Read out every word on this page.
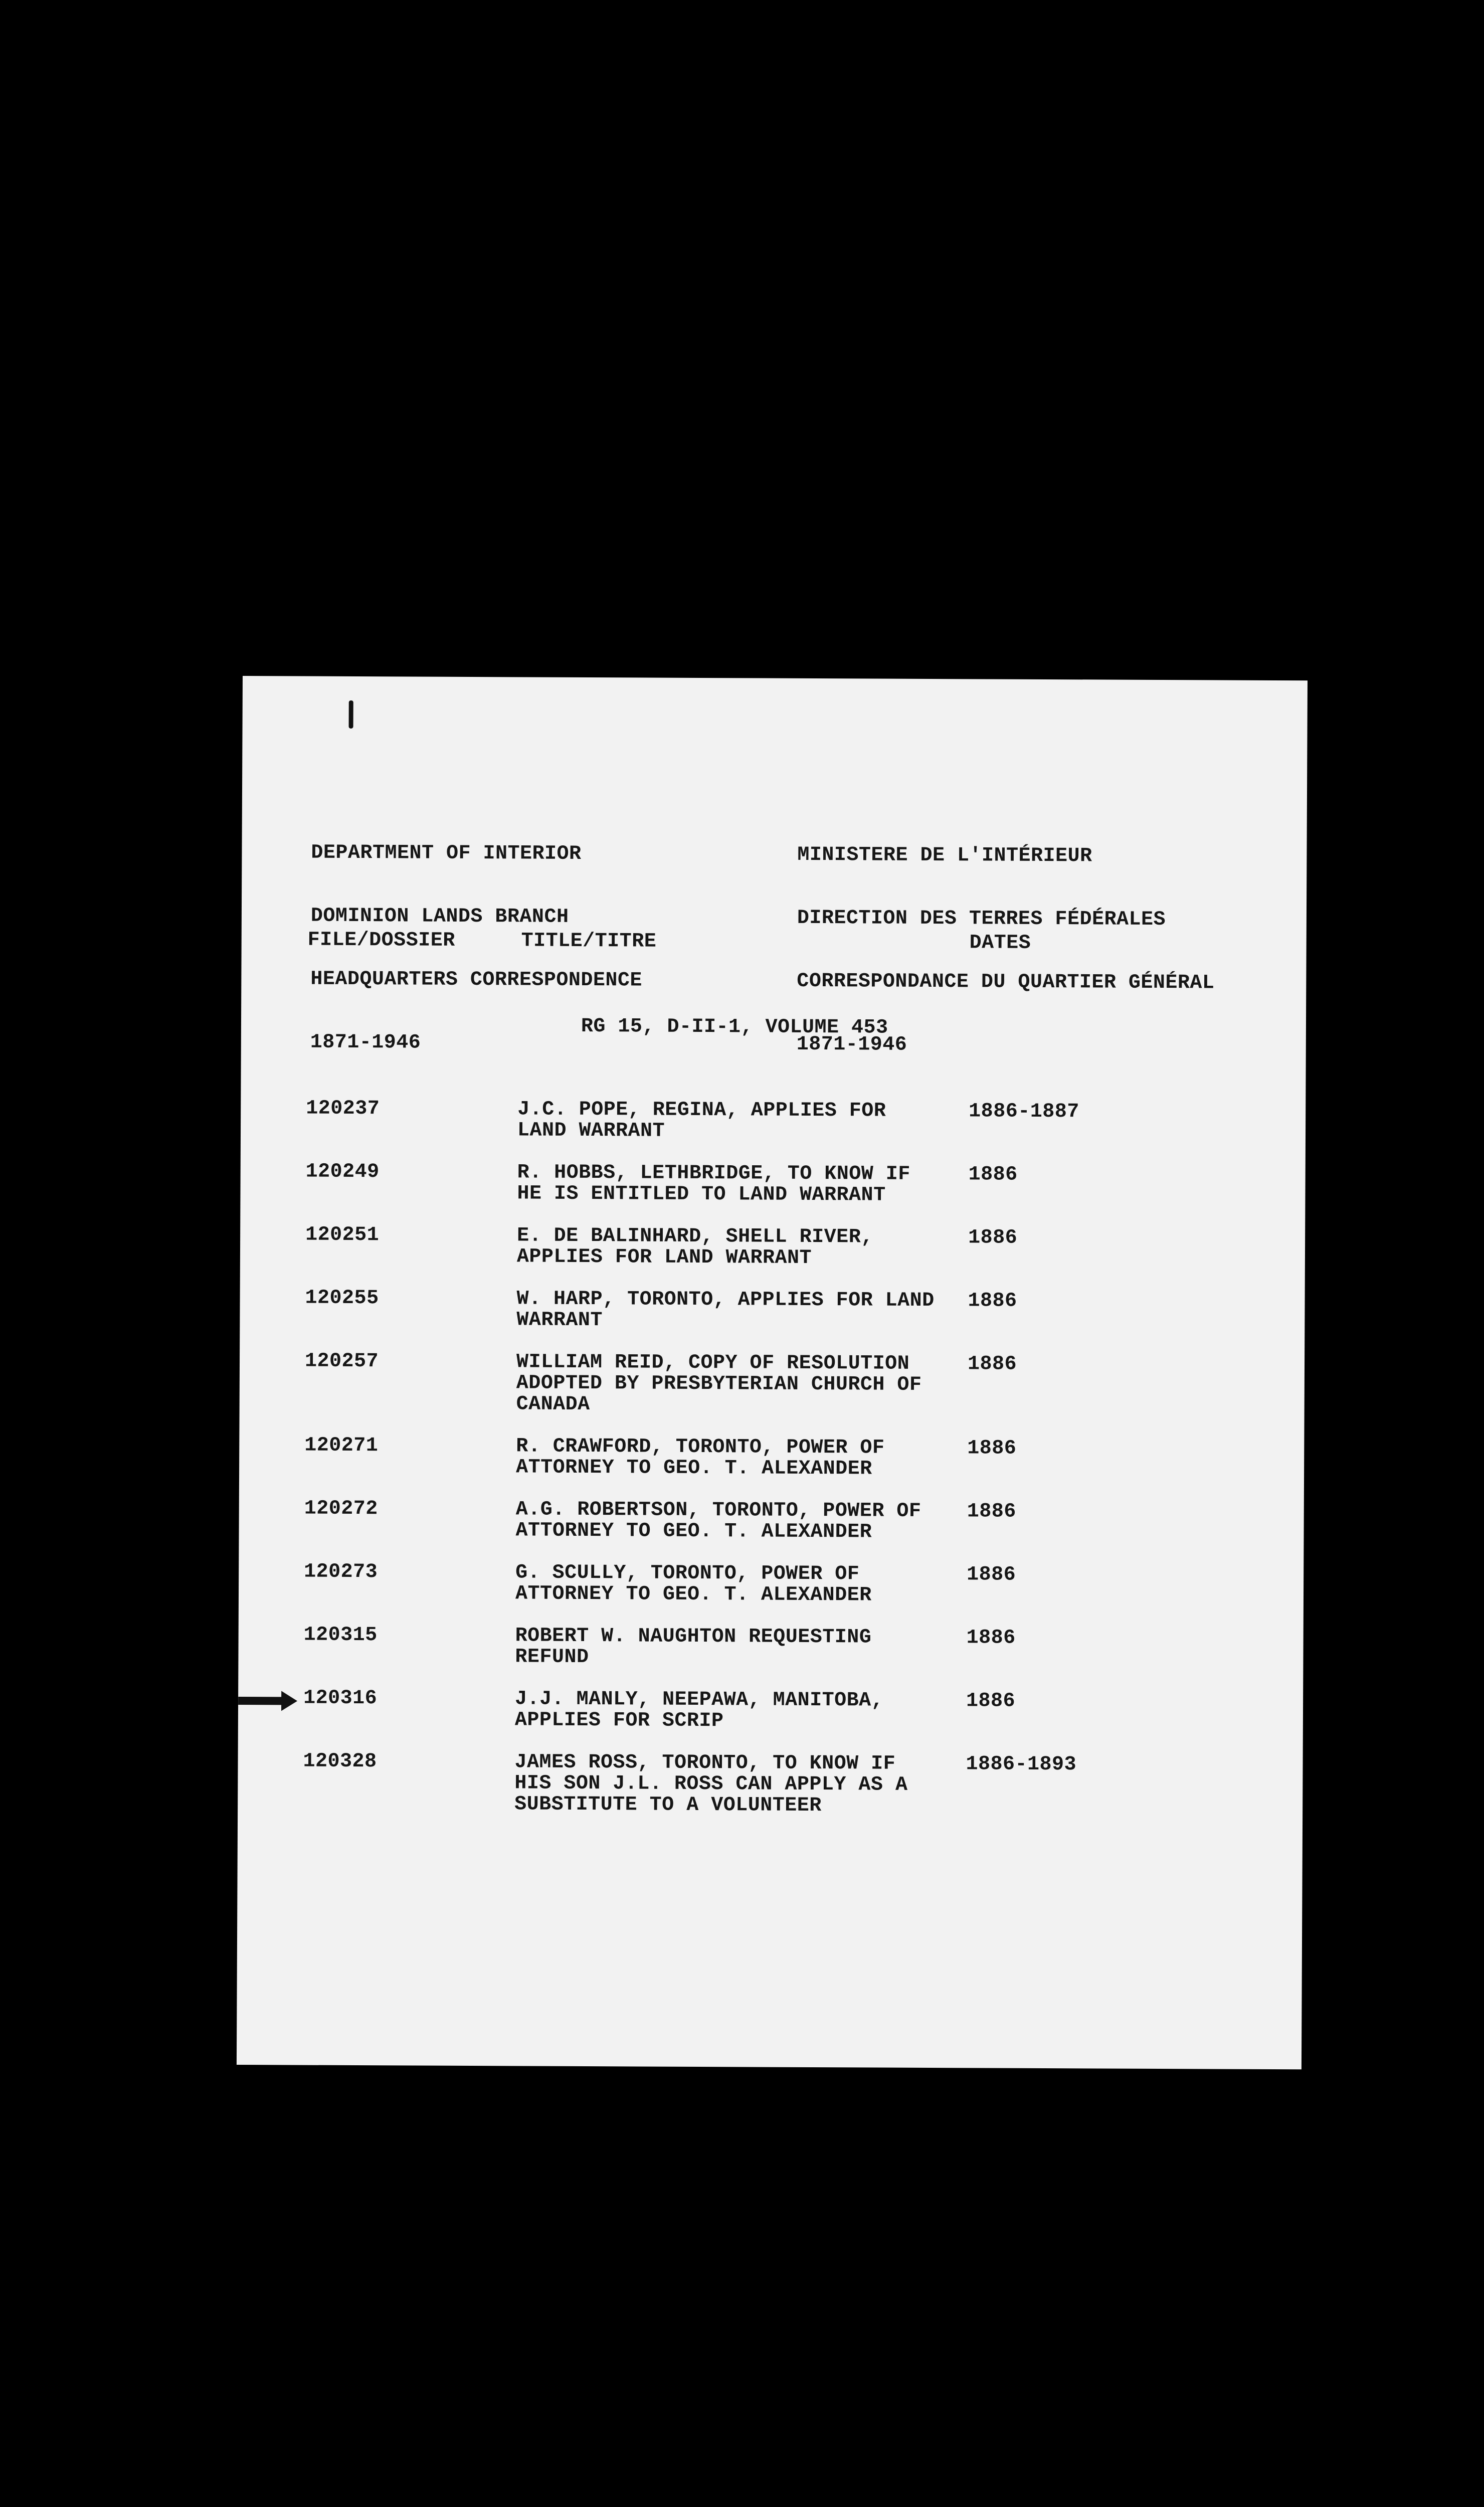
DEPARTMENT OF INTERIOR

DOMINION LANDS BRANCH

HEADQUARTERS CORRESPONDENCE

1871-1946

MINISTERE DE L'INTÉRIEUR

DIRECTION DES TERRES FÉDÉRALES

CORRESPONDANCE DU QUARTIER GÉNÉRAL

1871-1946

FILE/DOSSIER	TITLE/TITRE	DATES
RG 15, D-II-1, VOLUME 453
120237	J.C. POPE, REGINA, APPLIES FOR
LAND WARRANT
1886-1887
120249	R. HOBBS, LETHBRIDGE, TO KNOW IF
HE IS ENTITLED TO LAND WARRANT
1886
120251	E. DE BALINHARD, SHELL RIVER,
APPLIES FOR LAND WARRANT
1886
120255	W. HARP, TORONTO, APPLIES FOR LAND
WARRANT
1886
120257	WILLIAM REID, COPY OF RESOLUTION
ADOPTED BY PRESBYTERIAN CHURCH OF
CANADA
1886
120271	R. CRAWFORD, TORONTO, POWER OF
ATTORNEY TO GEO. T. ALEXANDER
1886
120272	A.G. ROBERTSON, TORONTO, POWER OF
ATTORNEY TO GEO. T. ALEXANDER
1886
120273	G. SCULLY, TORONTO, POWER OF
ATTORNEY TO GEO. T. ALEXANDER
1886
120315	ROBERT W. NAUGHTON REQUESTING
REFUND
1886
120316	J.J. MANLY, NEEPAWA, MANITOBA,
APPLIES FOR SCRIP
1886
120328	JAMES ROSS, TORONTO, TO KNOW IF
HIS SON J.L. ROSS CAN APPLY AS A
SUBSTITUTE TO A VOLUNTEER
1886-1893
